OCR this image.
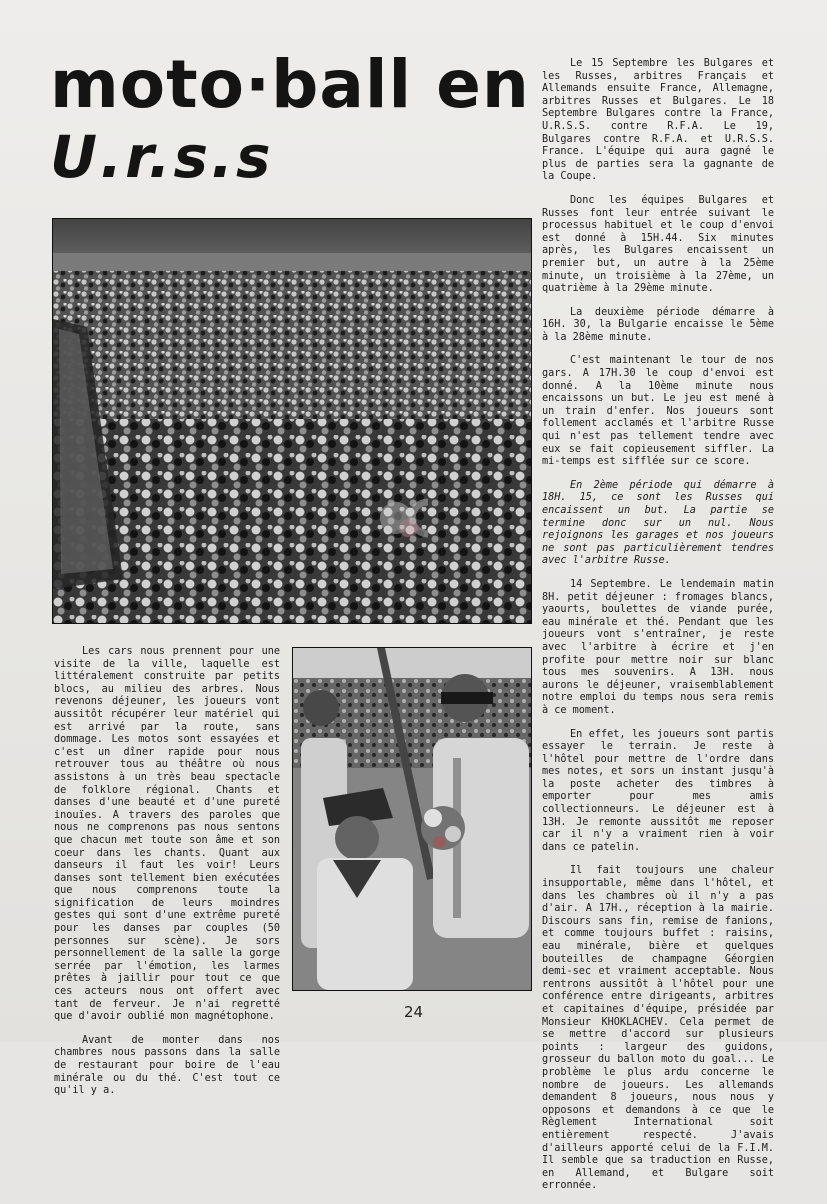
moto·ball en
U.r.s.s

Le 15 Septembre les Bulgares et les Russes, arbitres Français et Allemands ensuite France, Allemagne, arbitres Russes et Bulgares. Le 18 Septembre Bulgares contre la France, U.R.S.S. contre R.F.A. Le 19, Bulgares contre R.F.A. et U.R.S.S. France. L'équipe qui aura gagné le plus de parties sera la gagnante de la Coupe.

Donc les équipes Bulgares et Russes font leur entrée suivant le processus habituel et le coup d'envoi est donné à 15H.44. Six minutes après, les Bulgares encaissent un premier but, un autre à la 25ème minute, un troisième à la 27ème, un quatrième à la 29ème minute.

La deuxième période démarre à 16H. 30, la Bulgarie encaisse le 5ème à la 28ème minute.

C'est maintenant le tour de nos gars. A 17H.30 le coup d'envoi est donné. A la 10ème minute nous encaissons un but. Le jeu est mené à un train d'enfer. Nos joueurs sont follement acclamés et l'arbitre Russe qui n'est pas tellement tendre avec eux se fait copieusement siffler. La mi-temps est sifflée sur ce score.

En 2ème période qui démarre à 18H. 15, ce sont les Russes qui encaissent un but. La partie se termine donc sur un nul. Nous rejoignons les garages et nos joueurs ne sont pas particulièrement tendres avec l'arbitre Russe.

14 Septembre. Le lendemain matin 8H. petit déjeuner : fromages blancs, yaourts, boulettes de viande purée, eau minérale et thé. Pendant que les joueurs vont s'entraîner, je reste avec l'arbitre à écrire et j'en profite pour mettre noir sur blanc tous mes souvenirs. A 13H. nous aurons le déjeuner, vraisemblablement notre emploi du temps nous sera remis à ce moment.

En effet, les joueurs sont partis essayer le terrain. Je reste à l'hôtel pour mettre de l'ordre dans mes notes, et sors un instant jusqu'à la poste acheter des timbres à emporter pour mes amis collectionneurs. Le déjeuner est à 13H. Je remonte aussitôt me reposer car il n'y a vraiment rien à voir dans ce patelin.

Il fait toujours une chaleur insupportable, même dans l'hôtel, et dans les chambres où il n'y a pas d'air. A 17H., réception à la mairie. Discours sans fin, remise de fanions, et comme toujours buffet : raisins, eau minérale, bière et quelques bouteilles de champagne Géorgien demi-sec et vraiment acceptable. Nous rentrons aussitôt à l'hôtel pour une conférence entre dirigeants, arbitres et capitaines d'équipe, présidée par Monsieur KHOKLACHEV. Cela permet de se mettre d'accord sur plusieurs points : largeur des guidons, grosseur du ballon moto du goal... Le problème le plus ardu concerne le nombre de joueurs. Les allemands demandent 8 joueurs, nous nous y opposons et demandons à ce que le Règlement International soit entièrement respecté. J'avais d'ailleurs apporté celui de la F.I.M. Il semble que sa traduction en Russe, en Allemand, et Bulgare soit erronnée.

Les cars nous prennent pour une visite de la ville, laquelle est littéralement construite par petits blocs, au milieu des arbres. Nous revenons déjeuner, les joueurs vont aussitôt récupérer leur matériel qui est arrivé par la route, sans dommage. Les motos sont essayées et c'est un dîner rapide pour nous retrouver tous au théâtre où nous assistons à un très beau spectacle de folklore régional. Chants et danses d'une beauté et d'une pureté inouïes. A travers des paroles que nous ne comprenons pas nous sentons que chacun met toute son âme et son coeur dans les chants. Quant aux danseurs il faut les voir! Leurs danses sont tellement bien exécutées que nous comprenons toute la signification de leurs moindres gestes qui sont d'une extrême pureté pour les danses par couples (50 personnes sur scène). Je sors personnellement de la salle la gorge serrée par l'émotion, les larmes prêtes à jaillir pour tout ce que ces acteurs nous ont offert avec tant de ferveur. Je n'ai regretté que d'avoir oublié mon magnétophone.

Avant de monter dans nos chambres nous passons dans la salle de restaurant pour boire de l'eau minérale ou du thé. C'est tout ce qu'il y a.

24
